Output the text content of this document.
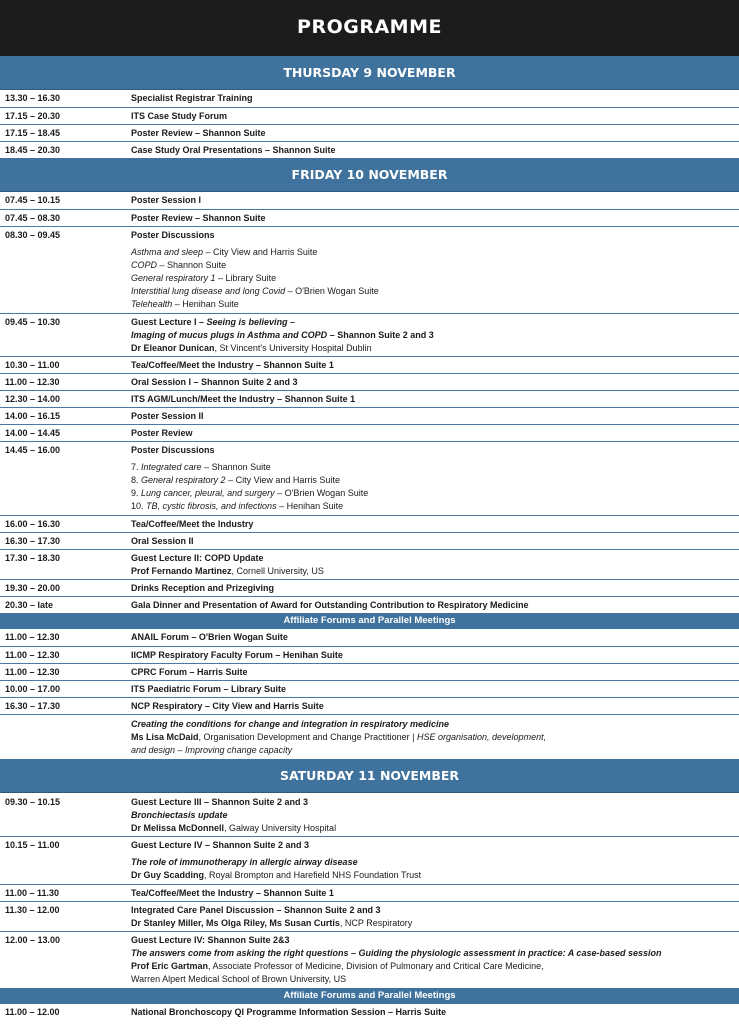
PROGRAMME
THURSDAY 9 NOVEMBER
13.30 – 16.30	Specialist Registrar Training
17.15 – 20.30	ITS Case Study Forum
17.15 – 18.45	Poster Review – Shannon Suite
18.45 – 20.30	Case Study Oral Presentations – Shannon Suite
FRIDAY 10 NOVEMBER
07.45 – 10.15	Poster Session I
07.45 – 08.30	Poster Review – Shannon Suite
08.30 – 09.45	Poster Discussions
Asthma and sleep – City View and Harris Suite
COPD – Shannon Suite
General respiratory 1 – Library Suite
Interstitial lung disease and long Covid – O'Brien Wogan Suite
Telehealth – Henihan Suite
09.45 – 10.30	Guest Lecture I – Seeing is believing –
Imaging of mucus plugs in Asthma and COPD – Shannon Suite 2 and 3
Dr Eleanor Dunican, St Vincent's University Hospital Dublin
10.30 – 11.00	Tea/Coffee/Meet the Industry – Shannon Suite 1
11.00 – 12.30	Oral Session I – Shannon Suite 2 and 3
12.30 – 14.00	ITS AGM/Lunch/Meet the Industry – Shannon Suite 1
14.00 – 16.15	Poster Session II
14.00 – 14.45	Poster Review
14.45 – 16.00	Poster Discussions
7. Integrated care – Shannon Suite
8. General respiratory 2 – City View and Harris Suite
9. Lung cancer, pleural, and surgery – O'Brien Wogan Suite
10. TB, cystic fibrosis, and infections – Henihan Suite
16.00 – 16.30	Tea/Coffee/Meet the Industry
16.30 – 17.30	Oral Session II
17.30 – 18.30	Guest Lecture II: COPD Update
Prof Fernando Martinez, Cornell University, US
19.30 – 20.00	Drinks Reception and Prizegiving
20.30 – late	Gala Dinner and Presentation of Award for Outstanding Contribution to Respiratory Medicine
Affiliate Forums and Parallel Meetings
11.00 – 12.30	ANAIL Forum – O'Brien Wogan Suite
11.00 – 12.30	IICMP Respiratory Faculty Forum – Henihan Suite
11.00 – 12.30	CPRC Forum – Harris Suite
10.00 – 17.00	ITS Paediatric Forum – Library Suite
16.30 – 17.30	NCP Respiratory – City View and Harris Suite
Creating the conditions for change and integration in respiratory medicine
Ms Lisa McDaid, Organisation Development and Change Practitioner | HSE organisation, development,
and design – Improving change capacity
SATURDAY 11 NOVEMBER
09.30 – 10.15	Guest Lecture III – Shannon Suite 2 and 3
Bronchiectasis update
Dr Melissa McDonnell, Galway University Hospital
10.15 – 11.00	Guest Lecture IV – Shannon Suite 2 and 3
The role of immunotherapy in allergic airway disease
Dr Guy Scadding, Royal Brompton and Harefield NHS Foundation Trust
11.00 – 11.30	Tea/Coffee/Meet the Industry – Shannon Suite 1
11.30 – 12.00	Integrated Care Panel Discussion – Shannon Suite 2 and 3
Dr Stanley Miller, Ms Olga Riley, Ms Susan Curtis, NCP Respiratory
12.00 – 13.00	Guest Lecture IV: Shannon Suite 2&3
The answers come from asking the right questions – Guiding the physiologic assessment in practice: A case-based session
Prof Eric Gartman, Associate Professor of Medicine, Division of Pulmonary and Critical Care Medicine,
Warren Alpert Medical School of Brown University, US
Affiliate Forums and Parallel Meetings
11.00 – 12.00	National Bronchoscopy QI Programme Information Session – Harris Suite
